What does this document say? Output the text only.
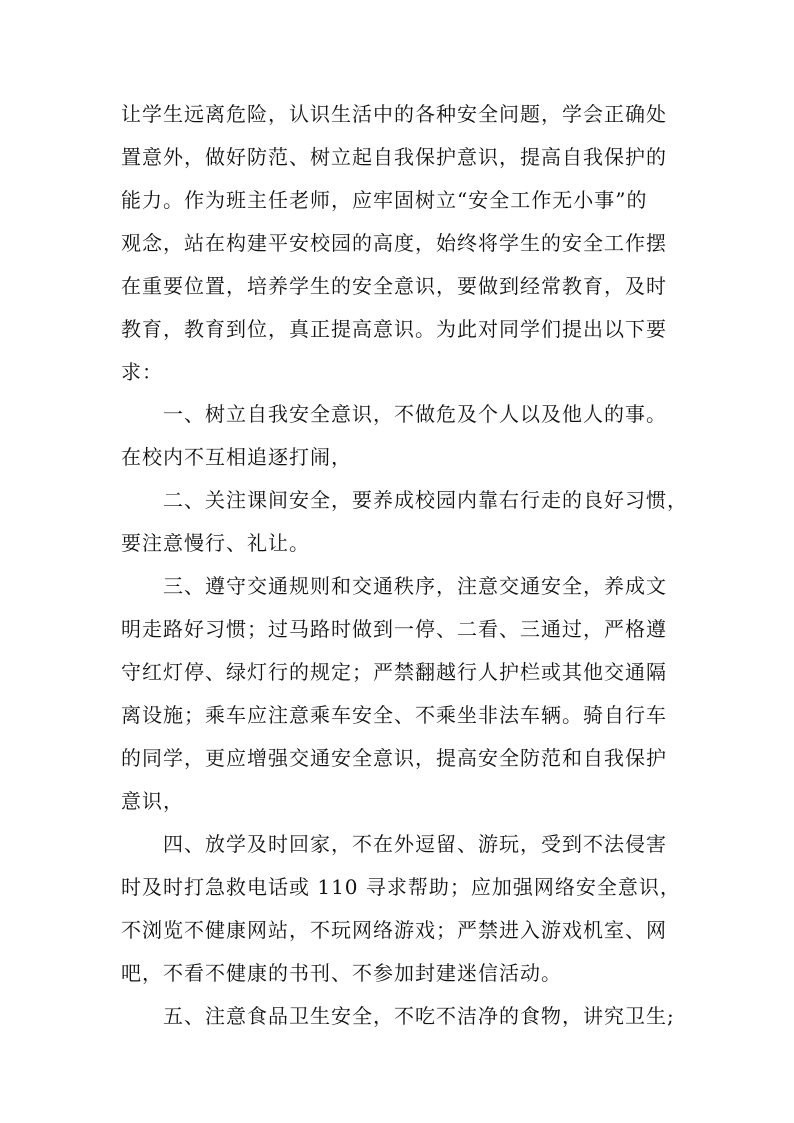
让学生远离危险，认识生活中的各种安全问题，学会正确处
置意外，做好防范、树立起自我保护意识，提高自我保护的
能力。作为班主任老师，应牢固树立“安全工作无小事”的
观念，站在构建平安校园的高度，始终将学生的安全工作摆
在重要位置，培养学生的安全意识，要做到经常教育，及时
教育，教育到位，真正提高意识。为此对同学们提出以下要
求：
一、树立自我安全意识，不做危及个人以及他人的事。
在校内不互相追逐打闹，
二、关注课间安全，要养成校园内靠右行走的良好习惯，
要注意慢行、礼让。
三、遵守交通规则和交通秩序，注意交通安全，养成文
明走路好习惯；过马路时做到一停、二看、三通过，严格遵
守红灯停、绿灯行的规定；严禁翻越行人护栏或其他交通隔
离设施；乘车应注意乘车安全、不乘坐非法车辆。骑自行车
的同学，更应增强交通安全意识，提高安全防范和自我保护
意识，
四、放学及时回家，不在外逗留、游玩，受到不法侵害
时及时打急救电话或 110 寻求帮助；应加强网络安全意识，
不浏览不健康网站，不玩网络游戏；严禁进入游戏机室、网
吧，不看不健康的书刊、不参加封建迷信活动。
五、注意食品卫生安全，不吃不洁净的食物，讲究卫生;
